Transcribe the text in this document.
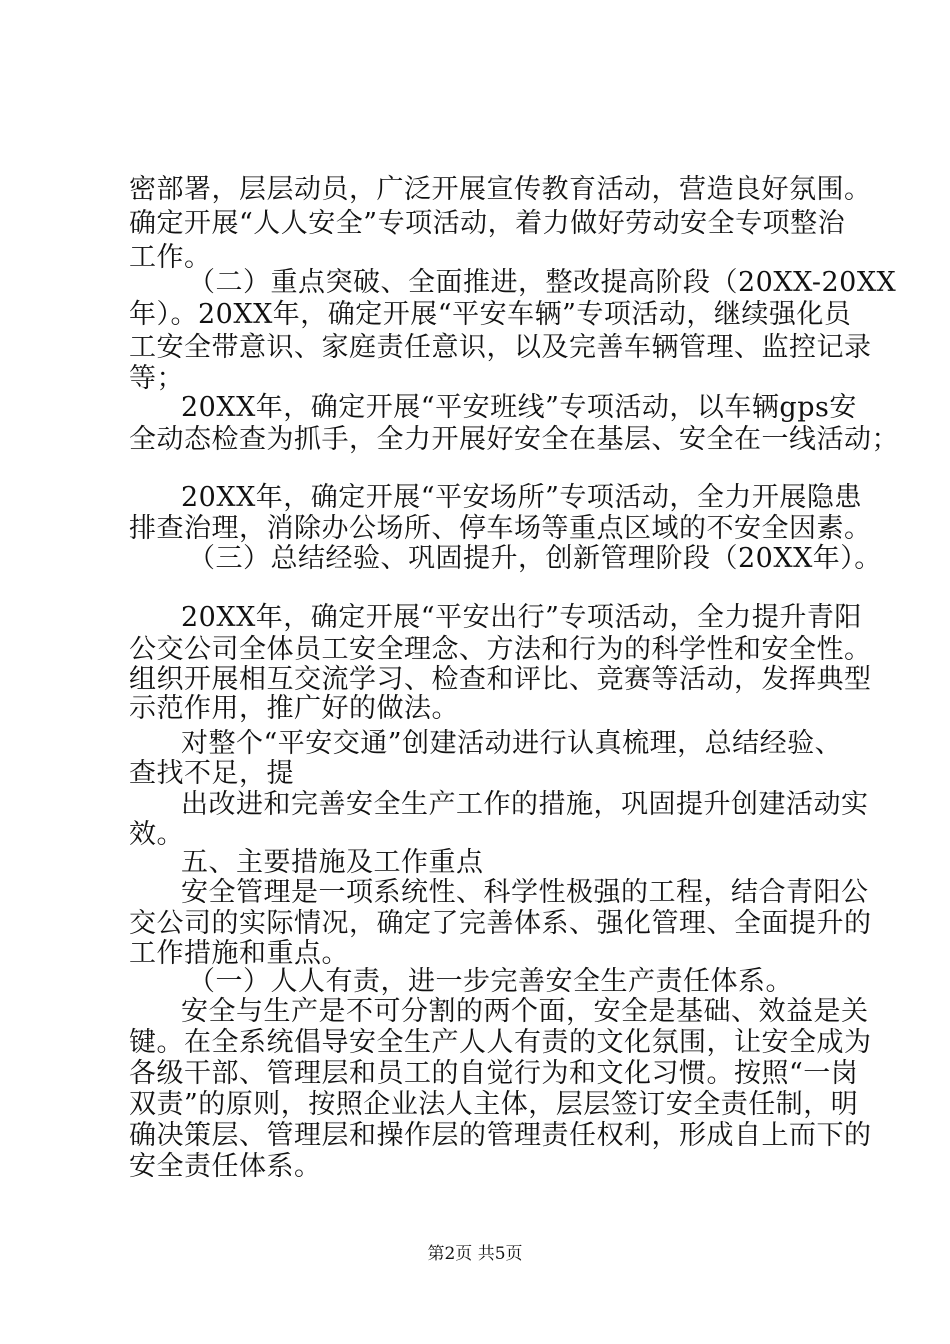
密部署，层层动员，广泛开展宣传教育活动，营造良好氛围。
确定开展“人人安全”专项活动，着力做好劳动安全专项整治
工作。
（二）重点突破、全面推进，整改提高阶段（20XX-20XX
年）。20XX年，确定开展“平安车辆”专项活动，继续强化员
工安全带意识、家庭责任意识，以及完善车辆管理、监控记录
等；
20XX年，确定开展“平安班线”专项活动，以车辆gps安
全动态检查为抓手，全力开展好安全在基层、安全在一线活动；
20XX年，确定开展“平安场所”专项活动，全力开展隐患
排查治理，消除办公场所、停车场等重点区域的不安全因素。
（三）总结经验、巩固提升，创新管理阶段（20XX年）。
20XX年，确定开展“平安出行”专项活动，全力提升青阳
公交公司全体员工安全理念、方法和行为的科学性和安全性。
组织开展相互交流学习、检查和评比、竞赛等活动，发挥典型
示范作用，推广好的做法。
对整个“平安交通”创建活动进行认真梳理，总结经验、
查找不足，提
出改进和完善安全生产工作的措施，巩固提升创建活动实
效。
五、主要措施及工作重点
安全管理是一项系统性、科学性极强的工程，结合青阳公
交公司的实际情况，确定了完善体系、强化管理、全面提升的
工作措施和重点。
（一）人人有责，进一步完善安全生产责任体系。
安全与生产是不可分割的两个面，安全是基础、效益是关
键。在全系统倡导安全生产人人有责的文化氛围，让安全成为
各级干部、管理层和员工的自觉行为和文化习惯。按照“一岗
双责”的原则，按照企业法人主体，层层签订安全责任制，明
确决策层、管理层和操作层的管理责任权利，形成自上而下的
安全责任体系。
第2页 共5页
